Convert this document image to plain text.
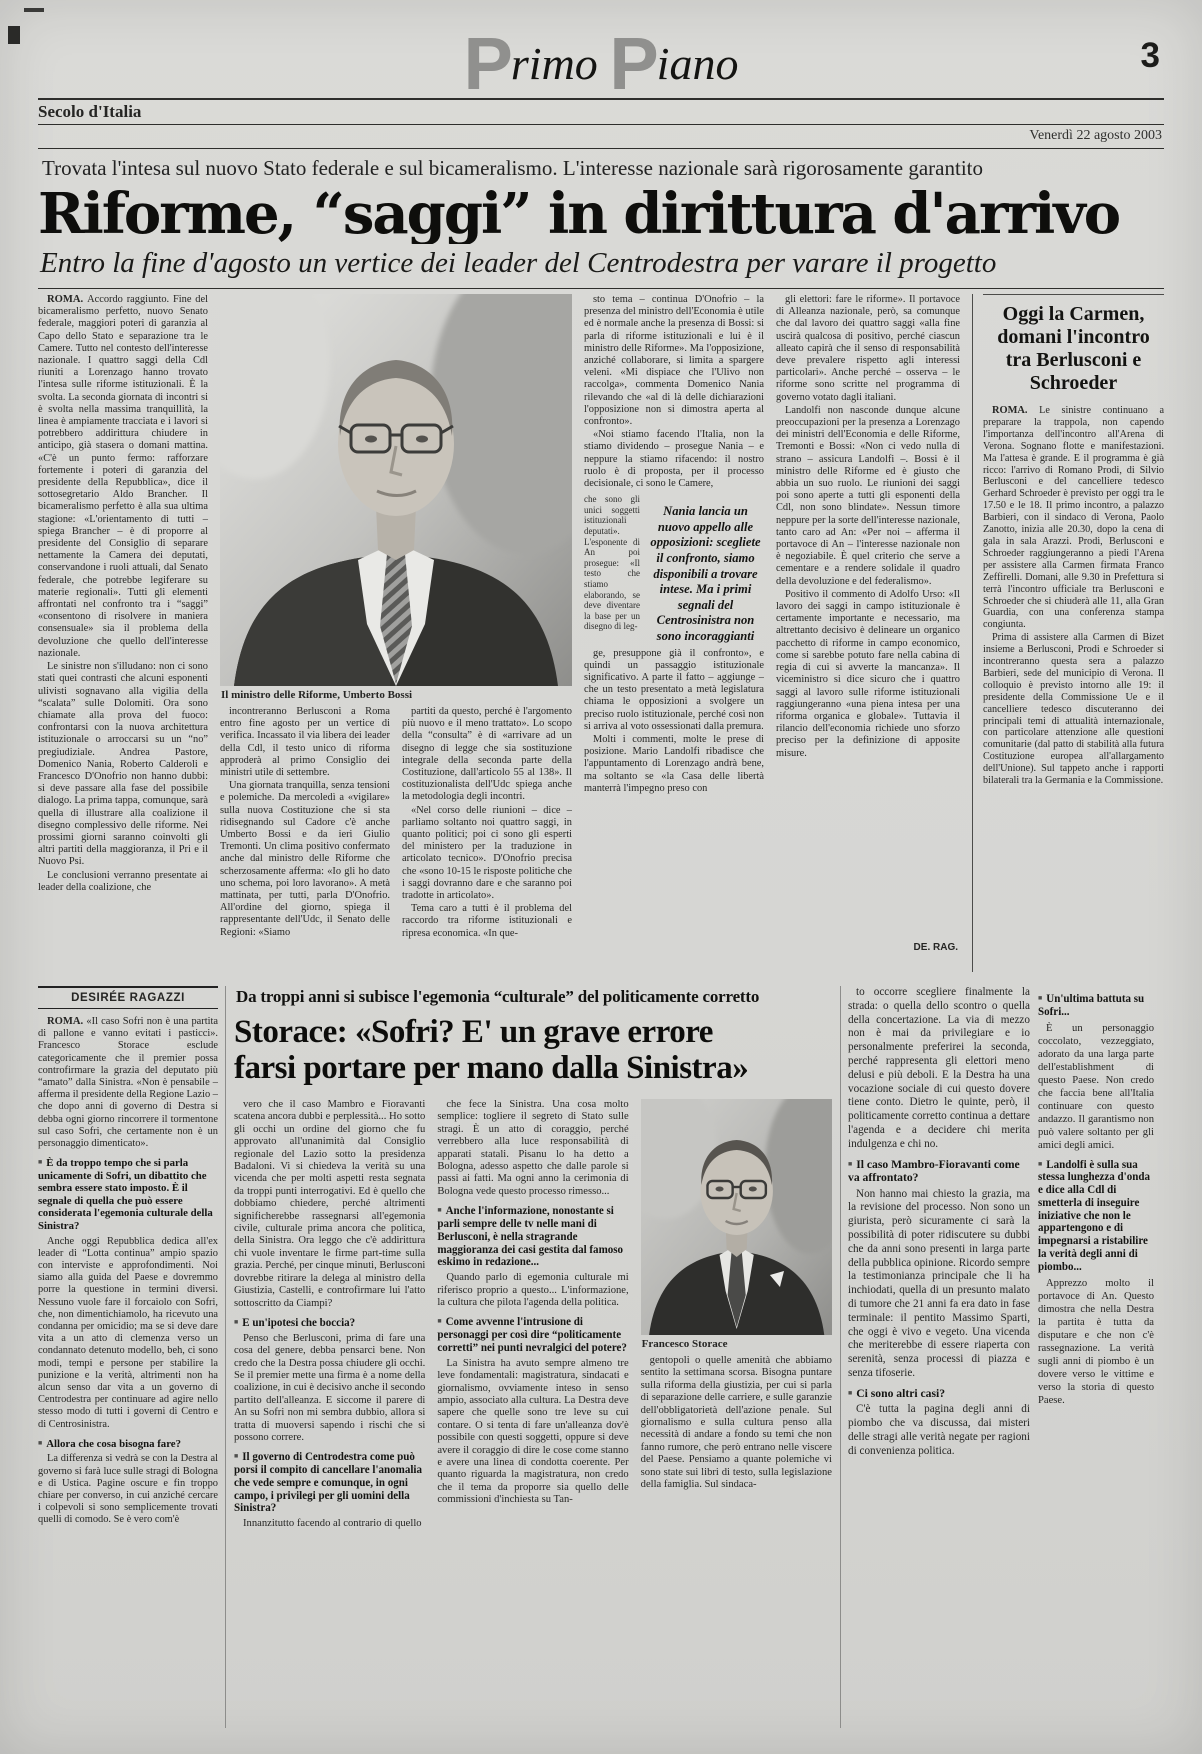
Primo Piano	3
Secolo d'Italia
Venerdì 22 agosto 2003
Trovata l'intesa sul nuovo Stato federale e sul bicameralismo. L'interesse nazionale sarà rigorosamente garantito
Riforme, “saggi” in dirittura d'arrivo
Entro la fine d'agosto un vertice dei leader del Centrodestra per varare il progetto

ROMA. Accordo raggiunto. Fine del bicameralismo perfetto, nuovo Senato federale, maggiori poteri di garanzia al Capo dello Stato e separazione tra le Camere. Tutto nel contesto dell'interesse nazionale. I quattro saggi della Cdl riuniti a Lorenzago hanno trovato l'intesa sulle riforme istituzionali. È la svolta. La seconda giornata di incontri si è svolta nella massima tranquillità, la linea è ampiamente tracciata e i lavori si potrebbero addirittura chiudere in anticipo, già stasera o domani mattina. «C'è un punto fermo: rafforzare fortemente i poteri di garanzia del presidente della Repubblica», dice il sottosegretario Aldo Brancher. Il bicameralismo perfetto è alla sua ultima stagione: «L'orientamento di tutti – spiega Brancher – è di proporre al presidente del Consiglio di separare nettamente la Camera dei deputati, conservandone i ruoli attuali, dal Senato federale, che potrebbe legiferare su materie regionali». Tutti gli elementi affrontati nel confronto tra i “saggi” «consentono di risolvere in maniera consensuale» sia il problema della devoluzione che quello dell'interesse nazionale.

Le sinistre non s'illudano: non ci sono stati quei contrasti che alcuni esponenti ulivisti sognavano alla vigilia della “scalata” sulle Dolomiti. Ora sono chiamate alla prova del fuoco: confrontarsi con la nuova architettura istituzionale o arroccarsi su un “no” pregiudiziale. Andrea Pastore, Domenico Nania, Roberto Calderoli e Francesco D'Onofrio non hanno dubbi: si deve passare alla fase del possibile dialogo. La prima tappa, comunque, sarà quella di illustrare alla coalizione il disegno complessivo delle riforme. Nei prossimi giorni saranno coinvolti gli altri partiti della maggioranza, il Pri e il Nuovo Psi.

Le conclusioni verranno presentate ai leader della coalizione, che

Il ministro delle Riforme, Umberto Bossi

incontreranno Berlusconi a Roma entro fine agosto per un vertice di verifica. Incassato il via libera dei leader della Cdl, il testo unico di riforma approderà al primo Consiglio dei ministri utile di settembre.

Una giornata tranquilla, senza tensioni e polemiche. Da mercoledì a «vigilare» sulla nuova Costituzione che si sta ridisegnando sul Cadore c'è anche Umberto Bossi e da ieri Giulio Tremonti. Un clima positivo confermato anche dal ministro delle Riforme che scherzosamente afferma: «Io gli ho dato uno schema, poi loro lavorano». A metà mattinata, per tutti, parla D'Onofrio. All'ordine del giorno, spiega il rappresentante dell'Udc, il Senato delle Regioni: «Siamo

partiti da questo, perché è l'argomento più nuovo e il meno trattato». Lo scopo della “consulta” è di «arrivare ad un disegno di legge che sia sostituzione integrale della seconda parte della Costituzione, dall'articolo 55 al 138». Il costituzionalista dell'Udc spiega anche la metodologia degli incontri.

«Nel corso delle riunioni – dice – parliamo soltanto noi quattro saggi, in quanto politici; poi ci sono gli esperti del ministero per la traduzione in articolato tecnico». D'Onofrio precisa che «sono 10-15 le risposte politiche che i saggi dovranno dare e che saranno poi tradotte in articolato».

Tema caro a tutti è il problema del raccordo tra riforme istituzionali e ripresa economica. «In que-

sto tema – continua D'Onofrio – la presenza del ministro dell'Economia è utile ed è normale anche la presenza di Bossi: si parla di riforme istituzionali e lui è il ministro delle Riforme». Ma l'opposizione, anziché collaborare, si limita a spargere veleni. «Mi dispiace che l'Ulivo non raccolga», commenta Domenico Nania rilevando che «al di là delle dichiarazioni l'opposizione non si dimostra aperta al confronto».

«Noi stiamo facendo l'Italia, non la stiamo dividendo – prosegue Nania – e neppure la stiamo rifacendo: il nostro ruolo è di proposta, per il processo decisionale, ci sono le Camere,

che sono gli unici soggetti istituzionali deputati». L'esponente di An poi prosegue: «Il testo che stiamo elaborando, se deve diventare la base per un disegno di leg-
Nania lancia un nuovo appello alle opposizioni: scegliete il confronto, siamo disponibili a trovare intese. Ma i primi segnali del Centrosinistra non sono incoraggianti

ge, presuppone già il confronto», e quindi un passaggio istituzionale significativo. A parte il fatto – aggiunge – che un testo presentato a metà legislatura chiama le opposizioni a svolgere un preciso ruolo istituzionale, perché così non si arriva al voto ossessionati dalla premura.

Molti i commenti, molte le prese di posizione. Mario Landolfi ribadisce che l'appuntamento di Lorenzago andrà bene, ma soltanto se «la Casa delle libertà manterrà l'impegno preso con

gli elettori: fare le riforme». Il portavoce di Alleanza nazionale, però, sa comunque che dal lavoro dei quattro saggi «alla fine uscirà qualcosa di positivo, perché ciascun alleato capirà che il senso di responsabilità deve prevalere rispetto agli interessi particolari». Anche perché – osserva – le riforme sono scritte nel programma di governo votato dagli italiani.

Landolfi non nasconde dunque alcune preoccupazioni per la presenza a Lorenzago dei ministri dell'Economia e delle Riforme, Tremonti e Bossi: «Non ci vedo nulla di strano – assicura Landolfi –. Bossi è il ministro delle Riforme ed è giusto che abbia un suo ruolo. Le riunioni dei saggi poi sono aperte a tutti gli esponenti della Cdl, non sono blindate». Nessun timore neppure per la sorte dell'interesse nazionale, tanto caro ad An: «Per noi – afferma il portavoce di An – l'interesse nazionale non è negoziabile. È quel criterio che serve a cementare e a rendere solidale il quadro della devoluzione e del federalismo».

Positivo il commento di Adolfo Urso: «Il lavoro dei saggi in campo istituzionale è certamente importante e necessario, ma altrettanto decisivo è delineare un organico pacchetto di riforme in campo economico, come si sarebbe potuto fare nella cabina di regia di cui si avverte la mancanza». Il viceministro si dice sicuro che i quattro saggi al lavoro sulle riforme istituzionali raggiungeranno «una piena intesa per una riforma organica e globale». Tuttavia il rilancio dell'economia richiede uno sforzo preciso per la definizione di apposite misure.

DE. RAG.
Oggi la Carmen, domani l'incontro tra Berlusconi e Schroeder

ROMA. Le sinistre continuano a preparare la trappola, non capendo l'importanza dell'incontro all'Arena di Verona. Sognano flotte e manifestazioni. Ma l'attesa è grande. E il programma è già ricco: l'arrivo di Romano Prodi, di Silvio Berlusconi e del cancelliere tedesco Gerhard Schroeder è previsto per oggi tra le 17.50 e le 18. Il primo incontro, a palazzo Barbieri, con il sindaco di Verona, Paolo Zanotto, inizia alle 20.30, dopo la cena di gala in sala Arazzi. Prodi, Berlusconi e Schroeder raggiungeranno a piedi l'Arena per assistere alla Carmen firmata Franco Zeffirelli. Domani, alle 9.30 in Prefettura si terrà l'incontro ufficiale tra Berlusconi e Schroeder che si chiuderà alle 11, alla Gran Guardia, con una conferenza stampa congiunta.

Prima di assistere alla Carmen di Bizet insieme a Berlusconi, Prodi e Schroeder si incontreranno questa sera a palazzo Barbieri, sede del municipio di Verona. Il colloquio è previsto intorno alle 19: il presidente della Commissione Ue e il cancelliere tedesco discuteranno dei principali temi di attualità internazionale, con particolare attenzione alle questioni comunitarie (dal patto di stabilità alla futura Costituzione europea all'allargamento dell'Unione). Sul tappeto anche i rapporti bilaterali tra la Germania e la Commissione.

DESIRÉE RAGAZZI

ROMA. «Il caso Sofri non è una partita di pallone e vanno evitati i pasticci». Francesco Storace esclude categoricamente che il premier possa controfirmare la grazia del deputato più “amato” dalla Sinistra. «Non è pensabile – afferma il presidente della Regione Lazio – che dopo anni di governo di Destra si debba ogni giorno rincorrere il tormentone sul caso Sofri, che certamente non è un personaggio dimenticato».

■ È da troppo tempo che si parla unicamente di Sofri, un dibattito che sembra essere stato imposto. È il segnale di quella che può essere considerata l'egemonia culturale della Sinistra?

Anche oggi Repubblica dedica all'ex leader di “Lotta continua” ampio spazio con interviste e approfondimenti. Noi siamo alla guida del Paese e dovremmo porre la questione in termini diversi. Nessuno vuole fare il forcaiolo con Sofri, che, non dimentichiamolo, ha ricevuto una condanna per omicidio; ma se si deve dare vita a un atto di clemenza verso un condannato detenuto modello, beh, ci sono modi, tempi e persone per stabilire la punizione e la verità, altrimenti non ha alcun senso dar vita a un governo di Centrodestra per continuare ad agire nello stesso modo di tutti i governi di Centro e di Centrosinistra.

■ Allora che cosa bisogna fare?

La differenza si vedrà se con la Destra al governo si farà luce sulle stragi di Bologna e di Ustica. Pagine oscure e fin troppo chiare per converso, in cui anziché cercare i colpevoli si sono semplicemente trovati quelli di comodo. Se è vero com'è

Da troppi anni si subisce l'egemonia “culturale” del politicamente corretto
Storace: «Sofri? E' un grave errore
farsi portare per mano dalla Sinistra»

vero che il caso Mambro e Fioravanti scatena ancora dubbi e perplessità... Ho sotto gli occhi un ordine del giorno che fu approvato all'unanimità dal Consiglio regionale del Lazio sotto la presidenza Badaloni. Vi si chiedeva la verità su una vicenda che per molti aspetti resta segnata da troppi punti interrogativi. Ed è quello che dobbiamo chiedere, perché altrimenti significherebbe rassegnarsi all'egemonia civile, culturale prima ancora che politica, della Sinistra. Ora leggo che c'è addirittura chi vuole inventare le firme part-time sulla grazia. Perché, per cinque minuti, Berlusconi dovrebbe ritirare la delega al ministro della Giustizia, Castelli, e controfirmare lui l'atto sottoscritto da Ciampi?

■ E un'ipotesi che boccia?

Penso che Berlusconi, prima di fare una cosa del genere, debba pensarci bene. Non credo che la Destra possa chiudere gli occhi. Se il premier mette una firma è a nome della coalizione, in cui è decisivo anche il secondo partito dell'alleanza. E siccome il parere di An su Sofri non mi sembra dubbio, allora si tratta di muoversi sapendo i rischi che si possono correre.

■ Il governo di Centrodestra come può porsi il compito di cancellare l'anomalia che vede sempre e comunque, in ogni campo, i privilegi per gli uomini della Sinistra?

Innanzitutto facendo al contrario di quello

che fece la Sinistra. Una cosa molto semplice: togliere il segreto di Stato sulle stragi. È un atto di coraggio, perché verrebbero alla luce responsabilità di apparati statali. Pisanu lo ha detto a Bologna, adesso aspetto che dalle parole si passi ai fatti. Ma ogni anno la cerimonia di Bologna vede questo processo rimesso...

■ Anche l'informazione, nonostante si parli sempre delle tv nelle mani di Berlusconi, è nella stragrande maggioranza dei casi gestita dal famoso eskimo in redazione...

Quando parlo di egemonia culturale mi riferisco proprio a questo... L'informazione, la cultura che pilota l'agenda della politica.

■ Come avvenne l'intrusione di personaggi per così dire “politicamente corretti” nei punti nevralgici del potere?

La Sinistra ha avuto sempre almeno tre leve fondamentali: magistratura, sindacati e giornalismo, ovviamente inteso in senso ampio, associato alla cultura. La Destra deve sapere che quelle sono tre leve su cui contare. O si tenta di fare un'alleanza dov'è possibile con questi soggetti, oppure si deve avere il coraggio di dire le cose come stanno e avere una linea di condotta coerente. Per quanto riguarda la magistratura, non credo che il tema da proporre sia quello delle commissioni d'inchiesta su Tan-

Francesco Storace

gentopoli o quelle amenità che abbiamo sentito la settimana scorsa. Bisogna puntare sulla riforma della giustizia, per cui si parla di separazione delle carriere, e sulle garanzie dell'obbligatorietà dell'azione penale. Sul giornalismo e sulla cultura penso alla necessità di andare a fondo su temi che non fanno rumore, che però entrano nelle viscere del Paese. Pensiamo a quante polemiche vi sono state sui libri di testo, sulla legislazione della famiglia. Sul sindaca-

to occorre scegliere finalmente la strada: o quella dello scontro o quella della concertazione. La via di mezzo non è mai da privilegiare e io personalmente preferirei la seconda, perché rappresenta gli elettori meno delusi e più deboli. E la Destra ha una vocazione sociale di cui questo dovere tiene conto. Dietro le quinte, però, il politicamente corretto continua a dettare l'agenda e a decidere chi merita indulgenza e chi no.

■ Il caso Mambro-Fioravanti come va affrontato?

Non hanno mai chiesto la grazia, ma la revisione del processo. Non sono un giurista, però sicuramente ci sarà la possibilità di poter ridiscutere su dubbi che da anni sono presenti in larga parte della pubblica opinione. Ricordo sempre la testimonianza principale che li ha inchiodati, quella di un presunto malato di tumore che 21 anni fa era dato in fase terminale: il pentito Massimo Sparti, che oggi è vivo e vegeto. Una vicenda che meriterebbe di essere riaperta con serenità, senza processi di piazza e senza tifoserie.

■ Ci sono altri casi?

C'è tutta la pagina degli anni di piombo che va discussa, dai misteri delle stragi alle verità negate per ragioni di convenienza politica.

■ Un'ultima battuta su Sofri...

È un personaggio coccolato, vezzeggiato, adorato da una larga parte dell'establishment di questo Paese. Non credo che faccia bene all'Italia continuare con questo andazzo. Il garantismo non può valere soltanto per gli amici degli amici.

■ Landolfi è sulla sua stessa lunghezza d'onda e dice alla Cdl di smetterla di inseguire iniziative che non le appartengono e di impegnarsi a ristabilire la verità degli anni di piombo...

Apprezzo molto il portavoce di An. Questo dimostra che nella Destra la partita è tutta da disputare e che non c'è rassegnazione. La verità sugli anni di piombo è un dovere verso le vittime e verso la storia di questo Paese.
